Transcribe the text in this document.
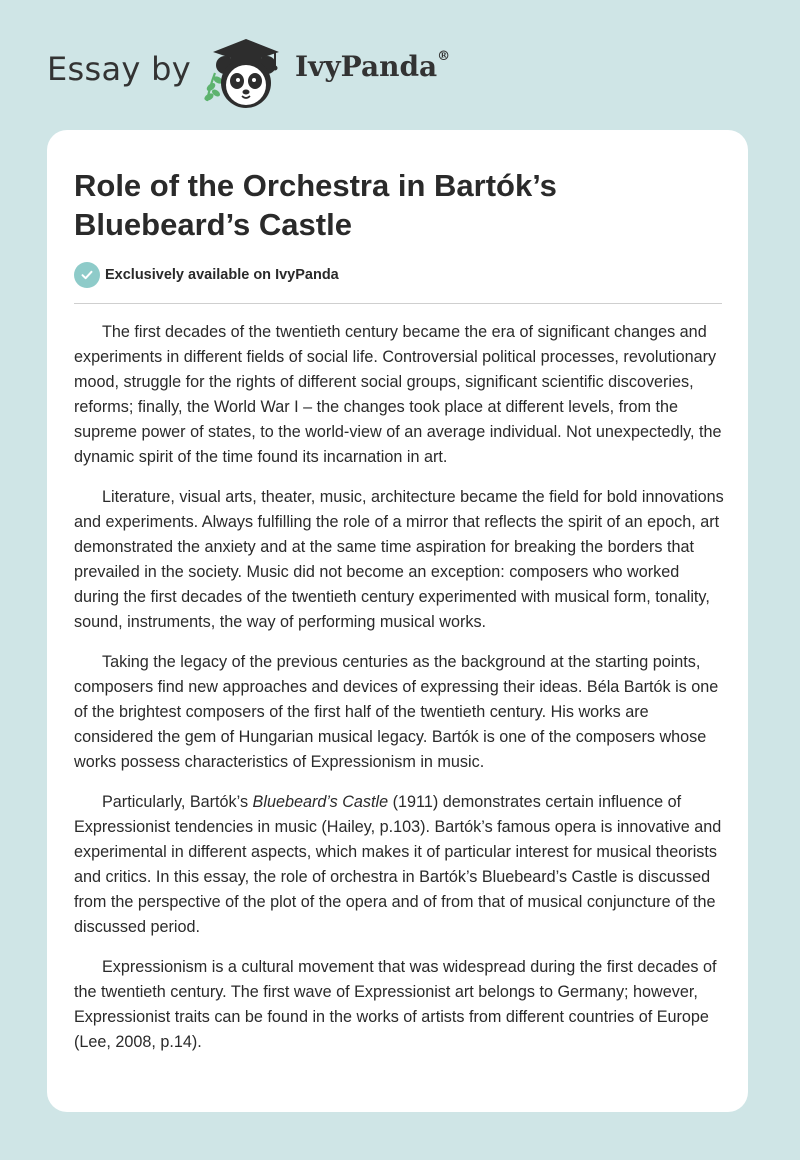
Essay by	IvyPanda®
Role of the Orchestra in Bartók’s Bluebeard’s Castle
Exclusively available on IvyPanda

The first decades of the twentieth century became the era of significant changes and experiments in different fields of social life. Controversial political processes, revolutionary mood, struggle for the rights of different social groups, significant scientific discoveries, reforms; finally, the World War I – the changes took place at different levels, from the supreme power of states, to the world-view of an average individual. Not unexpectedly, the dynamic spirit of the time found its incarnation in art.

Literature, visual arts, theater, music, architecture became the field for bold innovations and experiments. Always fulfilling the role of a mirror that reflects the spirit of an epoch, art demonstrated the anxiety and at the same time aspiration for breaking the borders that prevailed in the society. Music did not become an exception: composers who worked during the first decades of the twentieth century experimented with musical form, tonality, sound, instruments, the way of performing musical works.

Taking the legacy of the previous centuries as the background at the starting points, composers find new approaches and devices of expressing their ideas. Béla Bartók is one of the brightest composers of the first half of the twentieth century. His works are considered the gem of Hungarian musical legacy. Bartók is one of the composers whose works possess characteristics of Expressionism in music.

Particularly, Bartók’s Bluebeard’s Castle (1911) demonstrates certain influence of Expressionist tendencies in music (Hailey, p.103). Bartók’s famous opera is innovative and experimental in different aspects, which makes it of particular interest for musical theorists and critics. In this essay, the role of orchestra in Bartók’s Bluebeard’s Castle is discussed from the perspective of the plot of the opera and of from that of musical conjuncture of the discussed period.

Expressionism is a cultural movement that was widespread during the first decades of the twentieth century. The first wave of Expressionist art belongs to Germany; however, Expressionist traits can be found in the works of artists from different countries of Europe (Lee, 2008, p.14).
